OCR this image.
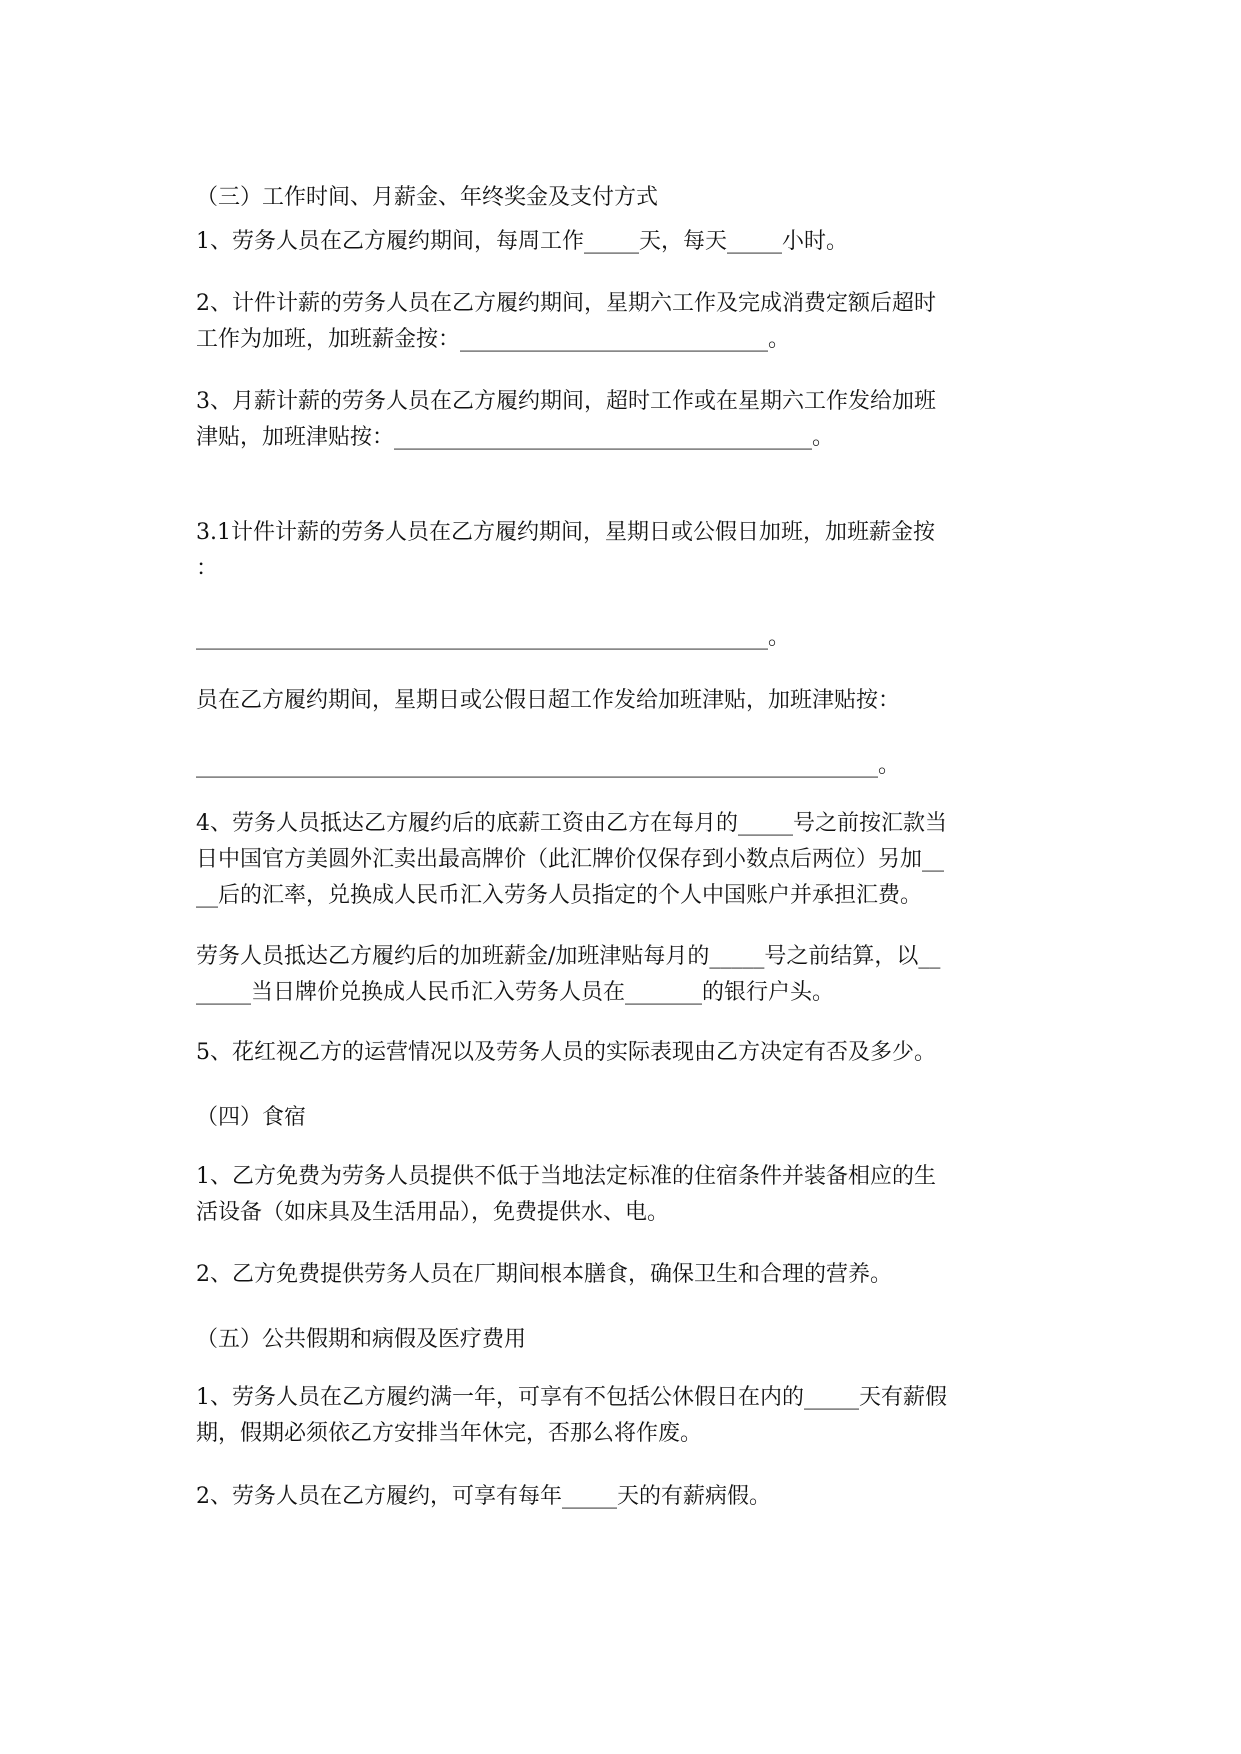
（三）工作时间、月薪金、年终奖金及支付方式
1、劳务人员在乙方履约期间，每周工作_____天，每天_____小时。
2、计件计薪的劳务人员在乙方履约期间，星期六工作及完成消费定额后超时
工作为加班，加班薪金按：____________________________。
3、月薪计薪的劳务人员在乙方履约期间，超时工作或在星期六工作发给加班
津贴，加班津贴按：______________________________________。
3.1计件计薪的劳务人员在乙方履约期间，星期日或公假日加班，加班薪金按
：
____________________________________________________。
员在乙方履约期间，星期日或公假日超工作发给加班津贴，加班津贴按：
______________________________________________________________。
4、劳务人员抵达乙方履约后的底薪工资由乙方在每月的_____号之前按汇款当
日中国官方美圆外汇卖出最高牌价（此汇牌价仅保存到小数点后两位）另加__
__后的汇率，兑换成人民币汇入劳务人员指定的个人中国账户并承担汇费。
劳务人员抵达乙方履约后的加班薪金/加班津贴每月的_____号之前结算，以__
_____当日牌价兑换成人民币汇入劳务人员在_______的银行户头。
5、花红视乙方的运营情况以及劳务人员的实际表现由乙方决定有否及多少。
（四）食宿
1、乙方免费为劳务人员提供不低于当地法定标准的住宿条件并装备相应的生
活设备（如床具及生活用品），免费提供水、电。
2、乙方免费提供劳务人员在厂期间根本膳食，确保卫生和合理的营养。
（五）公共假期和病假及医疗费用
1、劳务人员在乙方履约满一年，可享有不包括公休假日在内的_____天有薪假
期，假期必须依乙方安排当年休完，否那么将作废。
2、劳务人员在乙方履约，可享有每年_____天的有薪病假。
